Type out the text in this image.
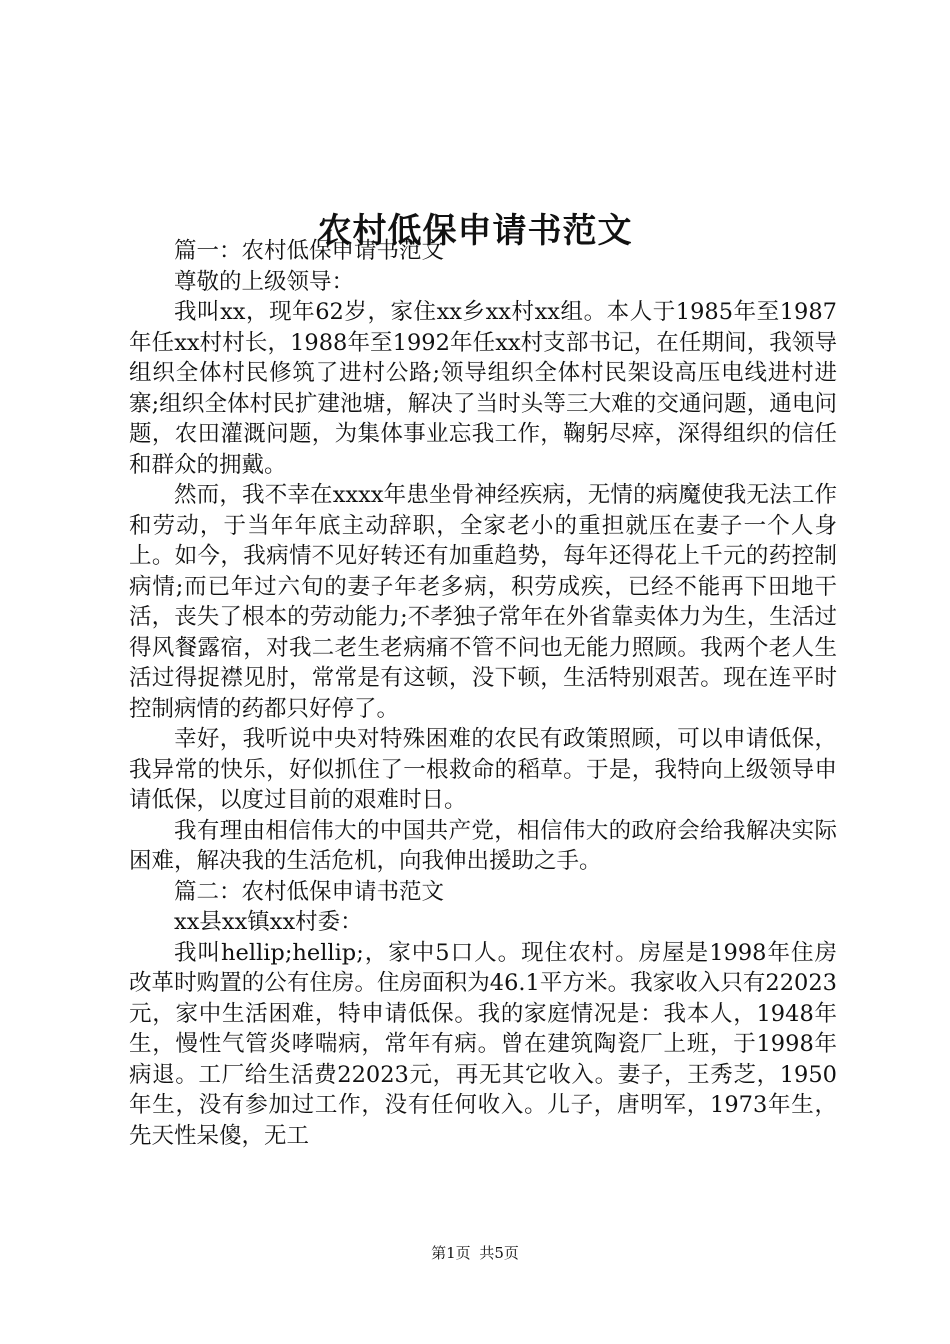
农村低保申请书范文

篇一：农村低保申请书范文

尊敬的上级领导：

我叫xx，现年62岁，家住xx乡xx村xx组。本人于1985年至1987年任xx村村长，1988年至1992年任xx村支部书记，在任期间，我领导组织全体村民修筑了进村公路;领导组织全体村民架设高压电线进村进寨;组织全体村民扩建池塘，解决了当时头等三大难的交通问题，通电问题，农田灌溉问题，为集体事业忘我工作，鞠躬尽瘁，深得组织的信任和群众的拥戴。

然而，我不幸在xxxx年患坐骨神经疾病，无情的病魔使我无法工作和劳动，于当年年底主动辞职，全家老小的重担就压在妻子一个人身上。如今，我病情不见好转还有加重趋势，每年还得花上千元的药控制病情;而已年过六旬的妻子年老多病，积劳成疾，已经不能再下田地干活，丧失了根本的劳动能力;不孝独子常年在外省靠卖体力为生，生活过得风餐露宿，对我二老生老病痛不管不问也无能力照顾。我两个老人生活过得捉襟见肘，常常是有这顿，没下顿，生活特别艰苦。现在连平时控制病情的药都只好停了。

幸好，我听说中央对特殊困难的农民有政策照顾，可以申请低保，我异常的快乐，好似抓住了一根救命的稻草。于是，我特向上级领导申请低保，以度过目前的艰难时日。

我有理由相信伟大的中国共产党，相信伟大的政府会给我解决实际困难，解决我的生活危机，向我伸出援助之手。

篇二：农村低保申请书范文

xx县xx镇xx村委：

我叫hellip;hellip;，家中5口人。现住农村。房屋是1998年住房改革时购置的公有住房。住房面积为46.1平方米。我家收入只有22023元，家中生活困难，特申请低保。我的家庭情况是：我本人，1948年生，慢性气管炎哮喘病，常年有病。曾在建筑陶瓷厂上班，于1998年病退。工厂给生活费22023元，再无其它收入。妻子，王秀芝，1950年生，没有参加过工作，没有任何收入。儿子，唐明军，1973年生，先天性呆傻，无工

第1页 共5页
